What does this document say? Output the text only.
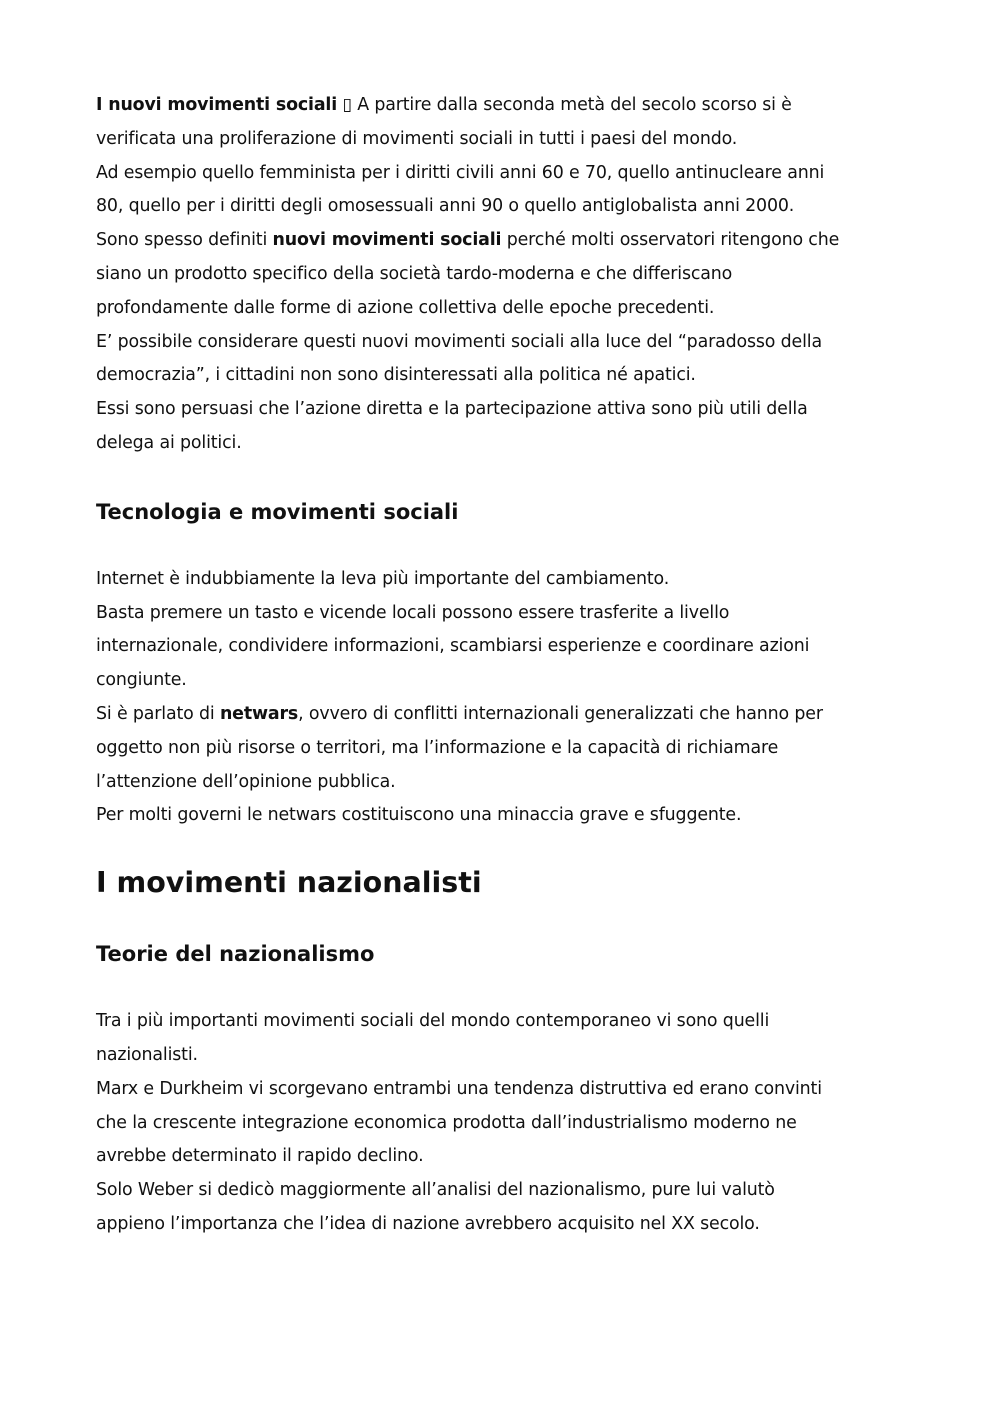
I nuovi movimenti sociali ▯ A partire dalla seconda metà del secolo scorso si è
verificata una proliferazione di movimenti sociali in tutti i paesi del mondo.
Ad esempio quello femminista per i diritti civili anni 60 e 70, quello antinucleare anni
80, quello per i diritti degli omosessuali anni 90 o quello antiglobalista anni 2000.
Sono spesso definiti nuovi movimenti sociali perché molti osservatori ritengono che
siano un prodotto specifico della società tardo-moderna e che differiscano
profondamente dalle forme di azione collettiva delle epoche precedenti.
E’ possibile considerare questi nuovi movimenti sociali alla luce del “paradosso della
democrazia”, i cittadini non sono disinteressati alla politica né apatici.
Essi sono persuasi che l’azione diretta e la partecipazione attiva sono più utili della
delega ai politici.
Tecnologia e movimenti sociali
Internet è indubbiamente la leva più importante del cambiamento.
Basta premere un tasto e vicende locali possono essere trasferite a livello
internazionale, condividere informazioni, scambiarsi esperienze e coordinare azioni
congiunte.
Si è parlato di netwars, ovvero di conflitti internazionali generalizzati che hanno per
oggetto non più risorse o territori, ma l’informazione e la capacità di richiamare
l’attenzione dell’opinione pubblica.
Per molti governi le netwars costituiscono una minaccia grave e sfuggente.
I movimenti nazionalisti
Teorie del nazionalismo
Tra i più importanti movimenti sociali del mondo contemporaneo vi sono quelli
nazionalisti.
Marx e Durkheim vi scorgevano entrambi una tendenza distruttiva ed erano convinti
che la crescente integrazione economica prodotta dall’industrialismo moderno ne
avrebbe determinato il rapido declino.
Solo Weber si dedicò maggiormente all’analisi del nazionalismo, pure lui valutò
appieno l’importanza che l’idea di nazione avrebbero acquisito nel XX secolo.
